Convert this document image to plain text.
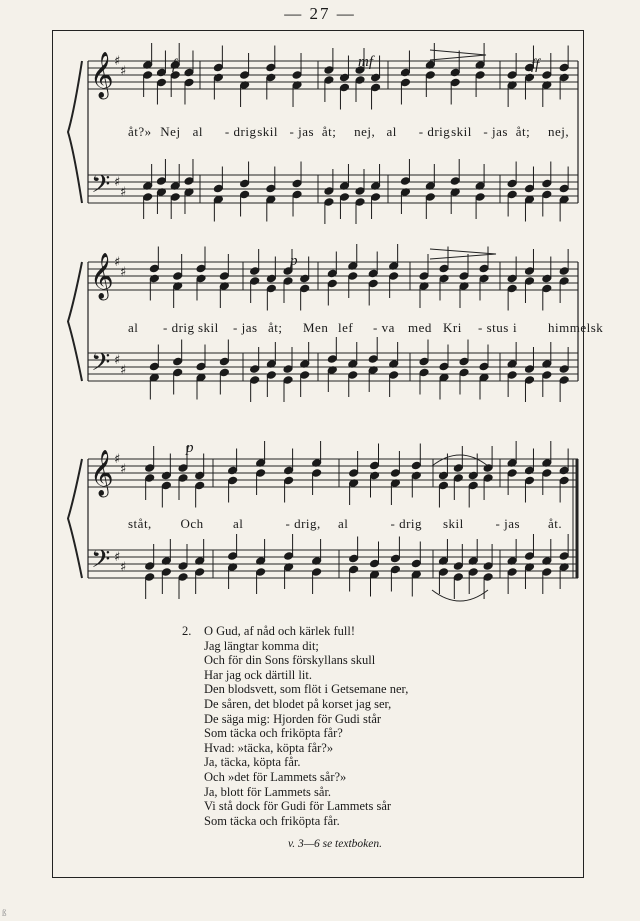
— 27 —
𝄞
𝄢
♯
♯
♯
♯
𝄞
𝄢
♯
♯
♯
♯
𝄞
𝄢
♯
♯
♯
♯
f	mf	ff
p
p
åt?» Nej al - drig skil - jas åt; nej, al - drig skil - jas åt; nej,
al - drig skil - jas åt; Men lef - va med Kri - stus i himmelsk
ståt, Och al	- drig, al	- drig skil - jas åt.
2. O Gud, af nåd och kärlek full!
Jag längtar komma dit;
Och för din Sons förskyllans skull
Har jag ock därtill lit.
Den blodsvett, som flöt i Getsemane ner,
De såren, det blodet på korset jag ser,
De säga mig: Hjorden för Gudi står
Som täcka och friköpta får?
Hvad: »täcka, köpta får?»
Ja, täcka, köpta får.
Och »det för Lammets sår?»
Ja, blott för Lammets sår.
Vi stå dock för Gudi för Lammets sår
Som täcka och friköpta får.
v. 3—6 se textboken.
ß
